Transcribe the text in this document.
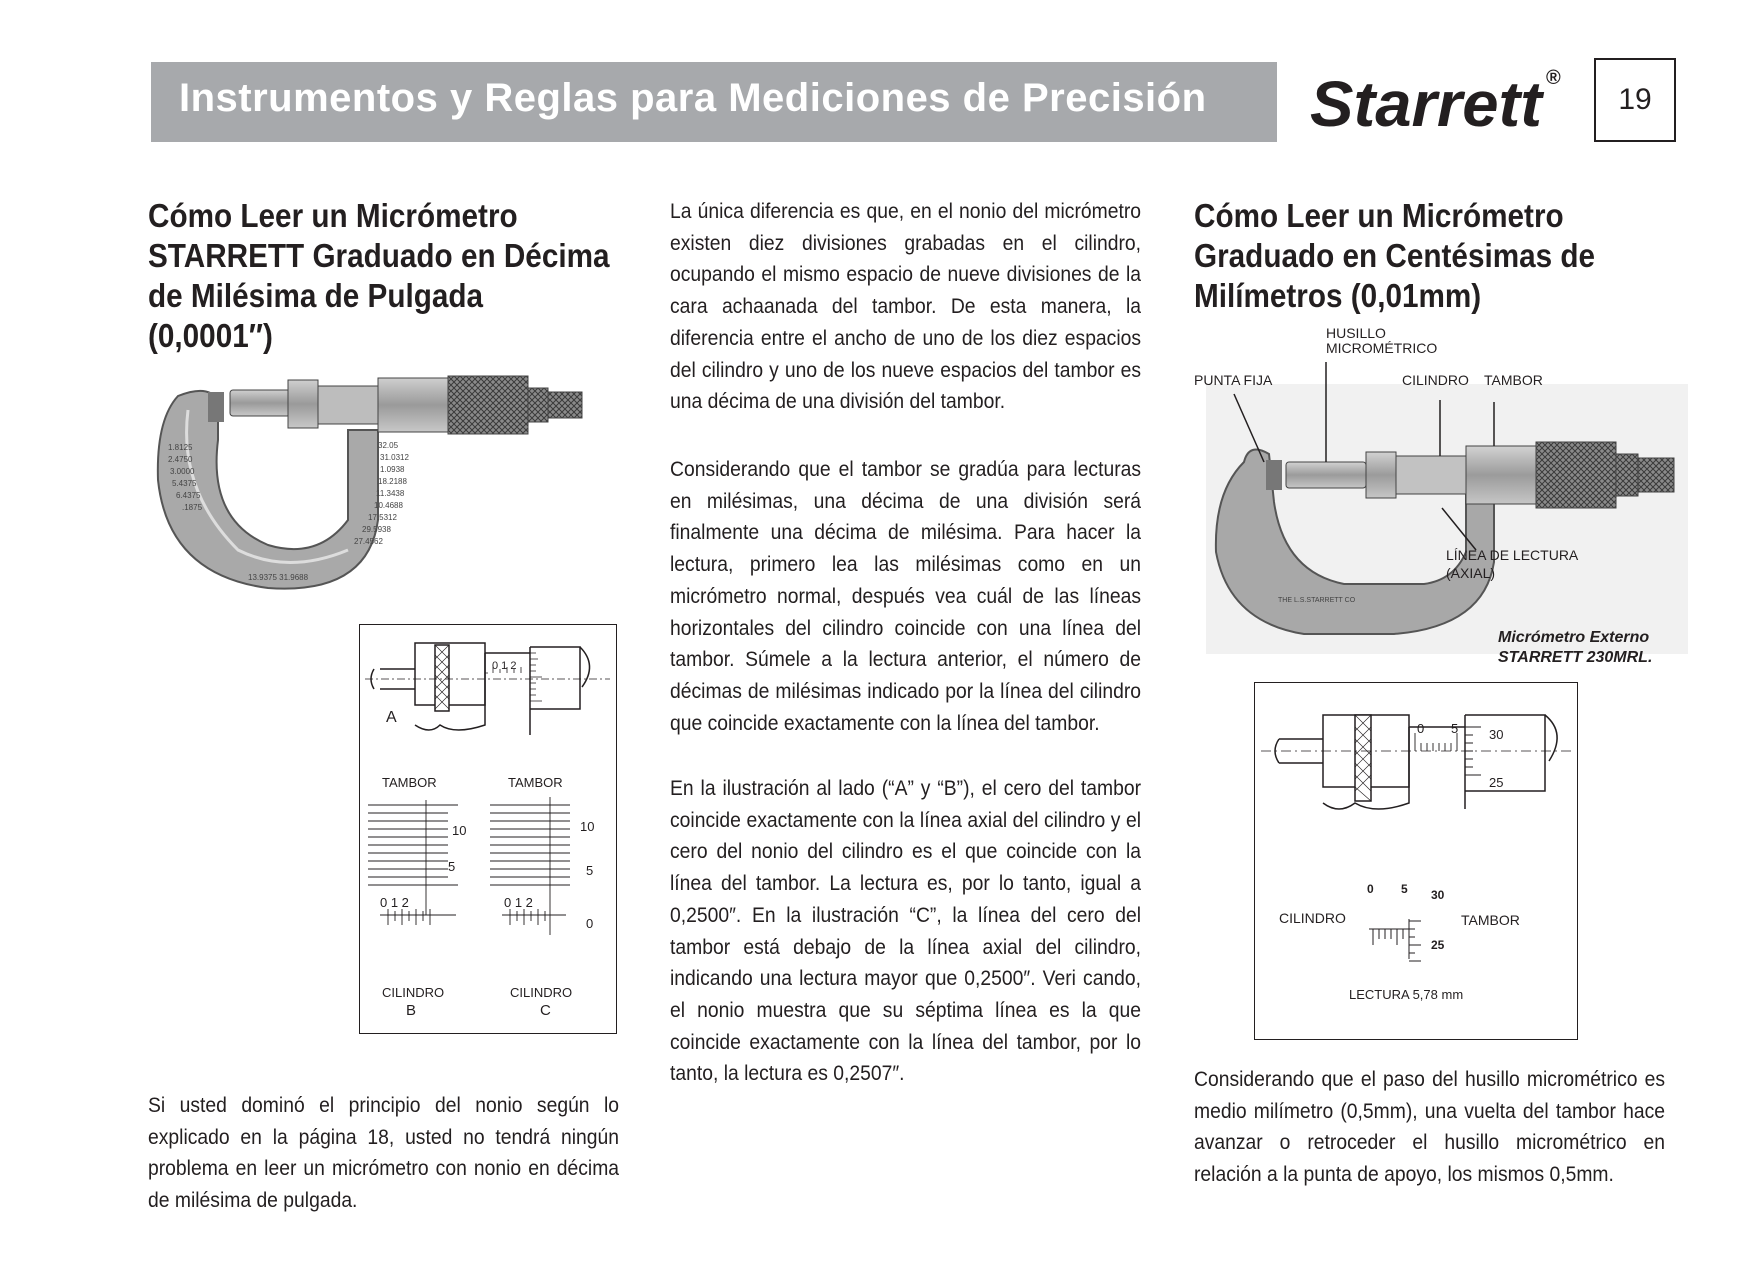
Instrumentos y Reglas para Mediciones de Precisión Starrett ®
19
Cómo Leer un Micrómetro
STARRETT Graduado en Décima
de Milésima de Pulgada (0,0001″)
1.8125
2.4750
3.0000
5.4375
6.4375
.1875
32.05
31.0312
1.0938
18.2188
11.3438
10.4688
17.5312
29.5938
27.4562
13.9375 31.9688
0 1 2
A
TAMBOR	TAMBOR
0 1 2	0 1 2
10
5
10
5
0
CILINDRO	CILINDRO
B	C

Si usted dominó el principio del nonio según lo explicado en la página 18, usted no tendrá ningún problema en leer un micrómetro con nonio en décima de milésima de pulgada.

La única diferencia es que, en el nonio del micrómetro existen diez divisiones grabadas en el cilindro, ocupando el mismo espacio de nueve divisiones de la cara achaanada del tambor. De esta manera, la diferencia entre el ancho de uno de los diez espacios del cilindro y uno de los nueve espacios del tambor es una décima de una división del tambor.

Considerando que el tambor se gradúa para lecturas en milésimas, una décima de una división será finalmente una décima de milésima. Para hacer la lectura, primero lea las milésimas como en un micrómetro normal, después vea cuál de las líneas horizontales del cilindro coincide con una línea del tambor. Súmele a la lectura anterior, el número de décimas de milésimas indicado por la línea del cilindro que coincide exactamente con la línea del tambor.

En la ilustración al lado (“A” y “B”), el cero del tambor coincide exactamente con la línea axial del cilindro y el cero del nonio del cilindro es el que coincide con la línea del tambor. La lectura es, por lo tanto, igual a 0,2500″. En la ilustración “C”, la línea del cero del tambor está debajo de la línea axial del cilindro, indicando una lectura mayor que 0,2500″. Veri cando, el nonio muestra que su séptima línea es la que coincide exactamente con la línea del tambor, por lo tanto, la lectura es 0,2507″.

Cómo Leer un Micrómetro
Graduado en Centésimas de
Milímetros (0,01mm)
THE L.S.STARRETT CO
HUSILLO
MICROMÉTRICO
PUNTA FIJA	CILINDRO TAMBOR
LÍNEA DE LECTURA
(AXIAL)
Micrómetro Externo
STARRETT 230MRL.
0 5 30
25
0 5 30
25
CILINDRO	TAMBOR
LECTURA 5,78 mm

Considerando que el paso del husillo micrométrico es medio milímetro (0,5mm), una vuelta del tambor hace avanzar o retroceder el husillo micrométrico en relación a la punta de apoyo, los mismos 0,5mm.
